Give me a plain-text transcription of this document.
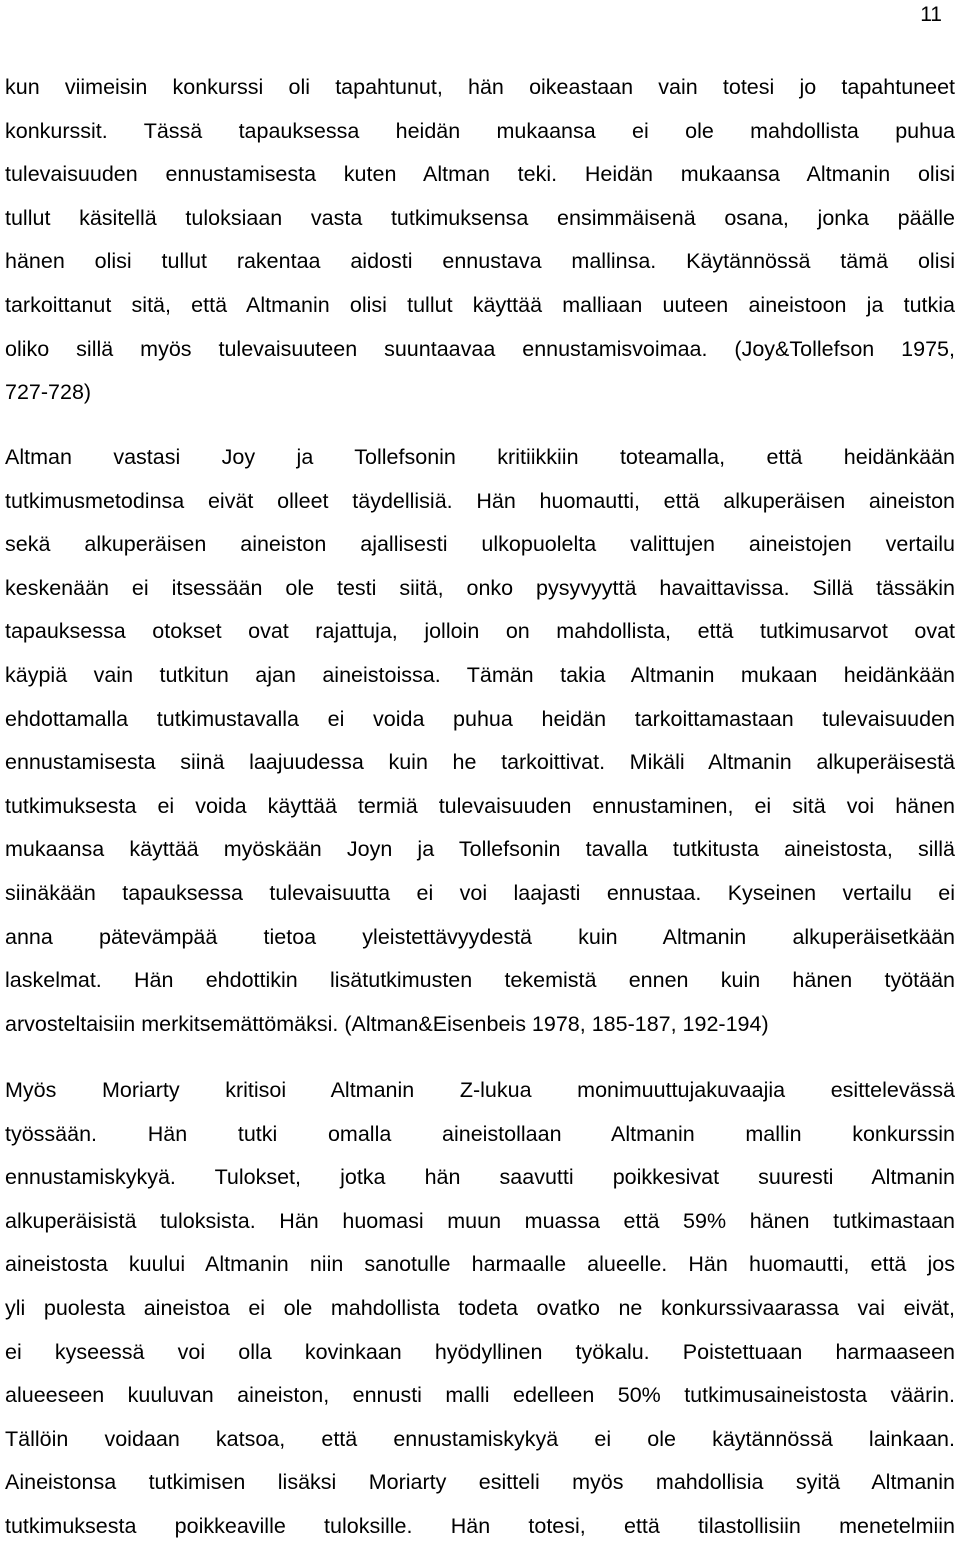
11
kun viimeisin konkurssi oli tapahtunut, hän oikeastaan vain totesi jo tapahtuneet
konkurssit. Tässä tapauksessa heidän mukaansa ei ole mahdollista puhua
tulevaisuuden ennustamisesta kuten Altman teki. Heidän mukaansa Altmanin olisi
tullut käsitellä tuloksiaan vasta tutkimuksensa ensimmäisenä osana, jonka päälle
hänen olisi tullut rakentaa aidosti ennustava mallinsa. Käytännössä tämä olisi
tarkoittanut sitä, että Altmanin olisi tullut käyttää malliaan uuteen aineistoon ja tutkia
oliko sillä myös tulevaisuuteen suuntaavaa ennustamisvoimaa. (Joy&Tollefson 1975,
727-728)
Altman vastasi Joy ja Tollefsonin kritiikkiin toteamalla, että heidänkään
tutkimusmetodinsa eivät olleet täydellisiä. Hän huomautti, että alkuperäisen aineiston
sekä alkuperäisen aineiston ajallisesti ulkopuolelta valittujen aineistojen vertailu
keskenään ei itsessään ole testi siitä, onko pysyvyyttä havaittavissa. Sillä tässäkin
tapauksessa otokset ovat rajattuja, jolloin on mahdollista, että tutkimusarvot ovat
käypiä vain tutkitun ajan aineistoissa. Tämän takia Altmanin mukaan heidänkään
ehdottamalla tutkimustavalla ei voida puhua heidän tarkoittamastaan tulevaisuuden
ennustamisesta siinä laajuudessa kuin he tarkoittivat. Mikäli Altmanin alkuperäisestä
tutkimuksesta ei voida käyttää termiä tulevaisuuden ennustaminen, ei sitä voi hänen
mukaansa käyttää myöskään Joyn ja Tollefsonin tavalla tutkitusta aineistosta, sillä
siinäkään tapauksessa tulevaisuutta ei voi laajasti ennustaa. Kyseinen vertailu ei
anna pätevämpää tietoa yleistettävyydestä kuin Altmanin alkuperäisetkään
laskelmat. Hän ehdottikin lisätutkimusten tekemistä ennen kuin hänen työtään
arvosteltaisiin merkitsemättömäksi. (Altman&Eisenbeis 1978, 185-187, 192-194)
Myös Moriarty kritisoi Altmanin Z-lukua monimuuttujakuvaajia esittelevässä
työssään. Hän tutki omalla aineistollaan Altmanin mallin konkurssin
ennustamiskykyä. Tulokset, jotka hän saavutti poikkesivat suuresti Altmanin
alkuperäisistä tuloksista. Hän huomasi muun muassa että 59% hänen tutkimastaan
aineistosta kuului Altmanin niin sanotulle harmaalle alueelle. Hän huomautti, että jos
yli puolesta aineistoa ei ole mahdollista todeta ovatko ne konkurssivaarassa vai eivät,
ei kyseessä voi olla kovinkaan hyödyllinen työkalu. Poistettuaan harmaaseen
alueeseen kuuluvan aineiston, ennusti malli edelleen 50% tutkimusaineistosta väärin.
Tällöin voidaan katsoa, että ennustamiskykyä ei ole käytännössä lainkaan.
Aineistonsa tutkimisen lisäksi Moriarty esitteli myös mahdollisia syitä Altmanin
tutkimuksesta poikkeaville tuloksille. Hän totesi, että tilastollisiin menetelmiin
